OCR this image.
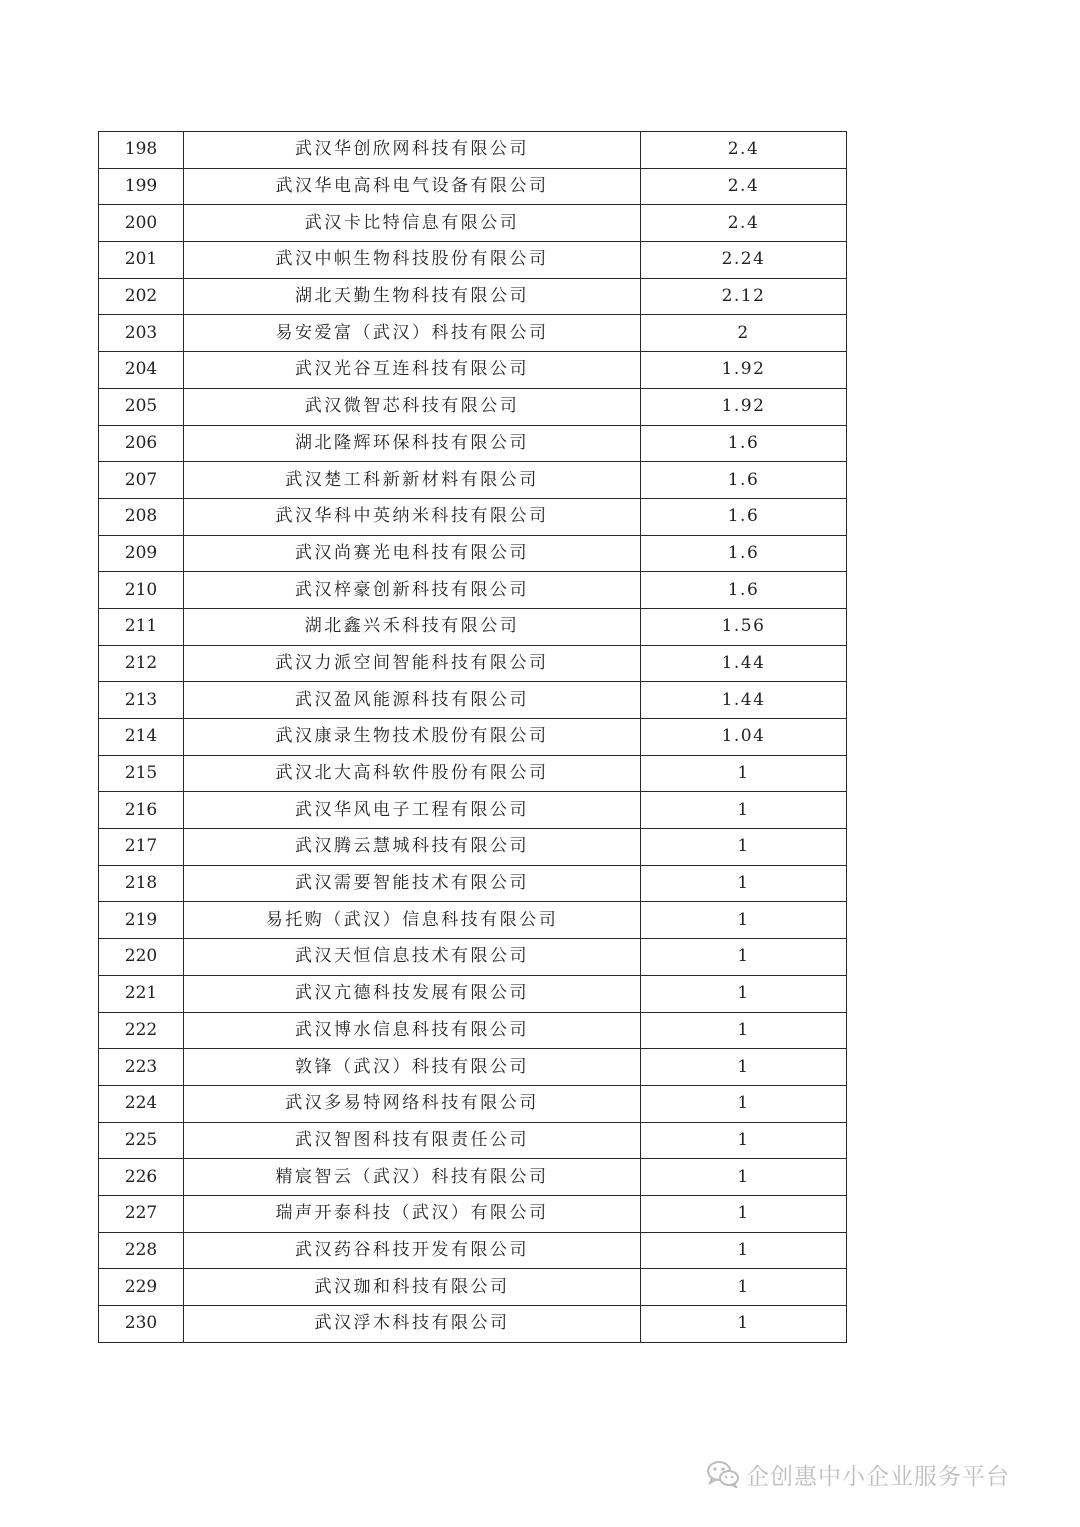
198	武汉华创欣网科技有限公司	2.4
199	武汉华电高科电气设备有限公司	2.4
200	武汉卡比特信息有限公司	2.4
201	武汉中帜生物科技股份有限公司	2.24
202	湖北天勤生物科技有限公司	2.12
203	易安爱富（武汉）科技有限公司	2
204	武汉光谷互连科技有限公司	1.92
205	武汉微智芯科技有限公司	1.92
206	湖北隆辉环保科技有限公司	1.6
207	武汉楚工科新新材料有限公司	1.6
208	武汉华科中英纳米科技有限公司	1.6
209	武汉尚赛光电科技有限公司	1.6
210	武汉梓豪创新科技有限公司	1.6
211	湖北鑫兴禾科技有限公司	1.56
212	武汉力派空间智能科技有限公司	1.44
213	武汉盈风能源科技有限公司	1.44
214	武汉康录生物技术股份有限公司	1.04
215	武汉北大高科软件股份有限公司	1
216	武汉华风电子工程有限公司	1
217	武汉腾云慧城科技有限公司	1
218	武汉需要智能技术有限公司	1
219	易托购（武汉）信息科技有限公司	1
220	武汉天恒信息技术有限公司	1
221	武汉亢德科技发展有限公司	1
222	武汉博水信息科技有限公司	1
223	敦锋（武汉）科技有限公司	1
224	武汉多易特网络科技有限公司	1
225	武汉智图科技有限责任公司	1
226	精宸智云（武汉）科技有限公司	1
227	瑞声开泰科技（武汉）有限公司	1
228	武汉药谷科技开发有限公司	1
229	武汉珈和科技有限公司	1
230	武汉浮木科技有限公司	1
企创惠中小企业服务平台
